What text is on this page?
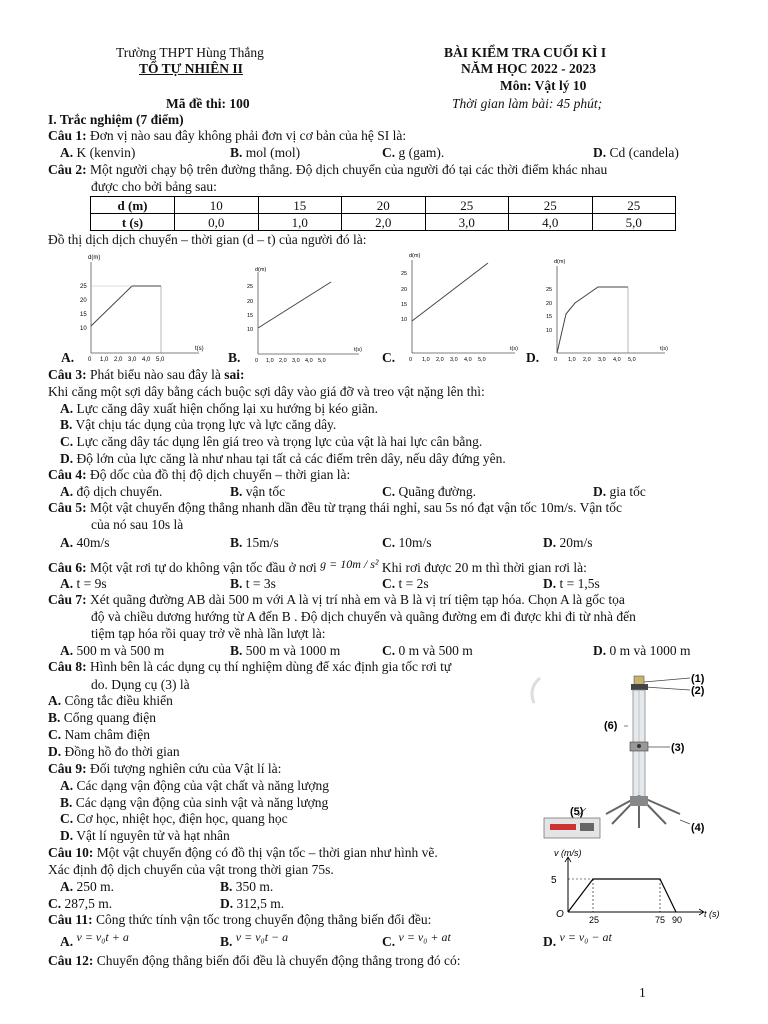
Trường THPT Hùng Thắng
TỔ TỰ NHIÊN II
Mã đề thi: 100
BÀI KIỂM TRA CUỐI KÌ I
NĂM HỌC 2022 - 2023
Môn: Vật lý 10
Thời gian làm bài: 45 phút;
I. Trắc nghiệm (7 điểm)
Câu 1: Đơn vị nào sau đây không phải đơn vị cơ bản của hệ SI là:
A. K (kenvin)	B. mol (mol)	C. g (gam).	D. Cd (candela)
Câu 2: Một người chạy bộ trên đường thẳng. Độ dịch chuyển của người đó tại các thời điểm khác nhau
được cho bởi bảng sau:
d (m)	10	15	20	25	25	25
t (s)	0,0	1,0	2,0	3,0	4,0	5,0
Đồ thị dịch dịch chuyển – thời gian (d – t) của người đó là:
A.	B.	C.	D.
d(m)
t(s)
0
25
20
15
10
1,0 2,0 3,0 4,0 5,0
d(m)
t(s)
0
25
20
15
10
1,0 2,0 3,0 4,0 5,0
d(m)
t(s)
0
25
20
15
10
1,0 2,0 3,0 4,0 5,0
d(m)
t(s)
0
25
20
15
10
1,0 2,0 3,0 4,0 5,0
Câu 3: Phát biểu nào sau đây là sai:
Khi căng một sợi dây bằng cách buộc sợi dây vào giá đỡ và treo vật nặng lên thì:
A. Lực căng dây xuất hiện chống lại xu hướng bị kéo giãn.
B. Vật chịu tác dụng của trọng lực và lực căng dây.
C. Lực căng dây tác dụng lên giá treo và trọng lực của vật là hai lực cân bằng.
D. Độ lớn của lực căng là như nhau tại tất cả các điểm trên dây, nếu dây đứng yên.
Câu 4: Độ dốc của đồ thị độ dịch chuyển – thời gian là:
A. độ dịch chuyển.	B. vận tốc	C. Quãng đường.	D. gia tốc
Câu 5: Một vật chuyển động thẳng nhanh dần đều từ trạng thái nghỉ, sau 5s nó đạt vận tốc 10m/s. Vận tốc
của nó sau 10s là
A. 40m/s	B. 15m/s	C. 10m/s	D. 20m/s
Câu 6: Một vật rơi tự do không vận tốc đầu ở nơi g = 10m / s² Khi rơi được 20 m thì thời gian rơi là:
A. t = 9s	B. t = 3s	C. t = 2s	D. t = 1,5s
Câu 7: Xét quãng đường AB dài 500 m với A là vị trí nhà em và B là vị trí tiệm tạp hóa. Chọn A là gốc tọa
độ và chiều dương hướng từ A đến B . Độ dịch chuyển và quãng đường em đi được khi đi từ nhà đến
tiệm tạp hóa rồi quay trở về nhà lần lượt là:
A. 500 m và 500 m	B. 500 m và 1000 m	C. 0 m và 500 m	D. 0 m và 1000 m
Câu 8: Hình bên là các dụng cụ thí nghiệm dùng để xác định gia tốc rơi tự
do. Dụng cụ (3) là
A. Công tắc điều khiển
B. Cổng quang điện
C. Nam châm điện
D. Đồng hồ đo thời gian
(1)
(2)
(6)
(3)
(5)
(4)
Câu 9: Đối tượng nghiên cứu của Vật lí là:
A. Các dạng vận động của vật chất và năng lượng
B. Các dạng vận động của sinh vật và năng lượng
C. Cơ học, nhiệt học, điện học, quang học
D. Vật lí nguyên tử và hạt nhân
Câu 10: Một vật chuyển động có đồ thị vận tốc – thời gian như hình vẽ.
Xác định độ dịch chuyển của vật trong thời gian 75s.
A. 250 m.	B. 350 m.
C. 287,5 m.	D. 312,5 m.
v (m/s)
t (s)
O
5
25	75 90
Câu 11: Công thức tính vận tốc trong chuyển động thẳng biến đổi đều:
A. v = v₀t + a	B. v = v₀t − a	C. v = v₀ + at	D. v = v₀ − at
Câu 12: Chuyển động thẳng biến đổi đều là chuyển động thẳng trong đó có:
1
